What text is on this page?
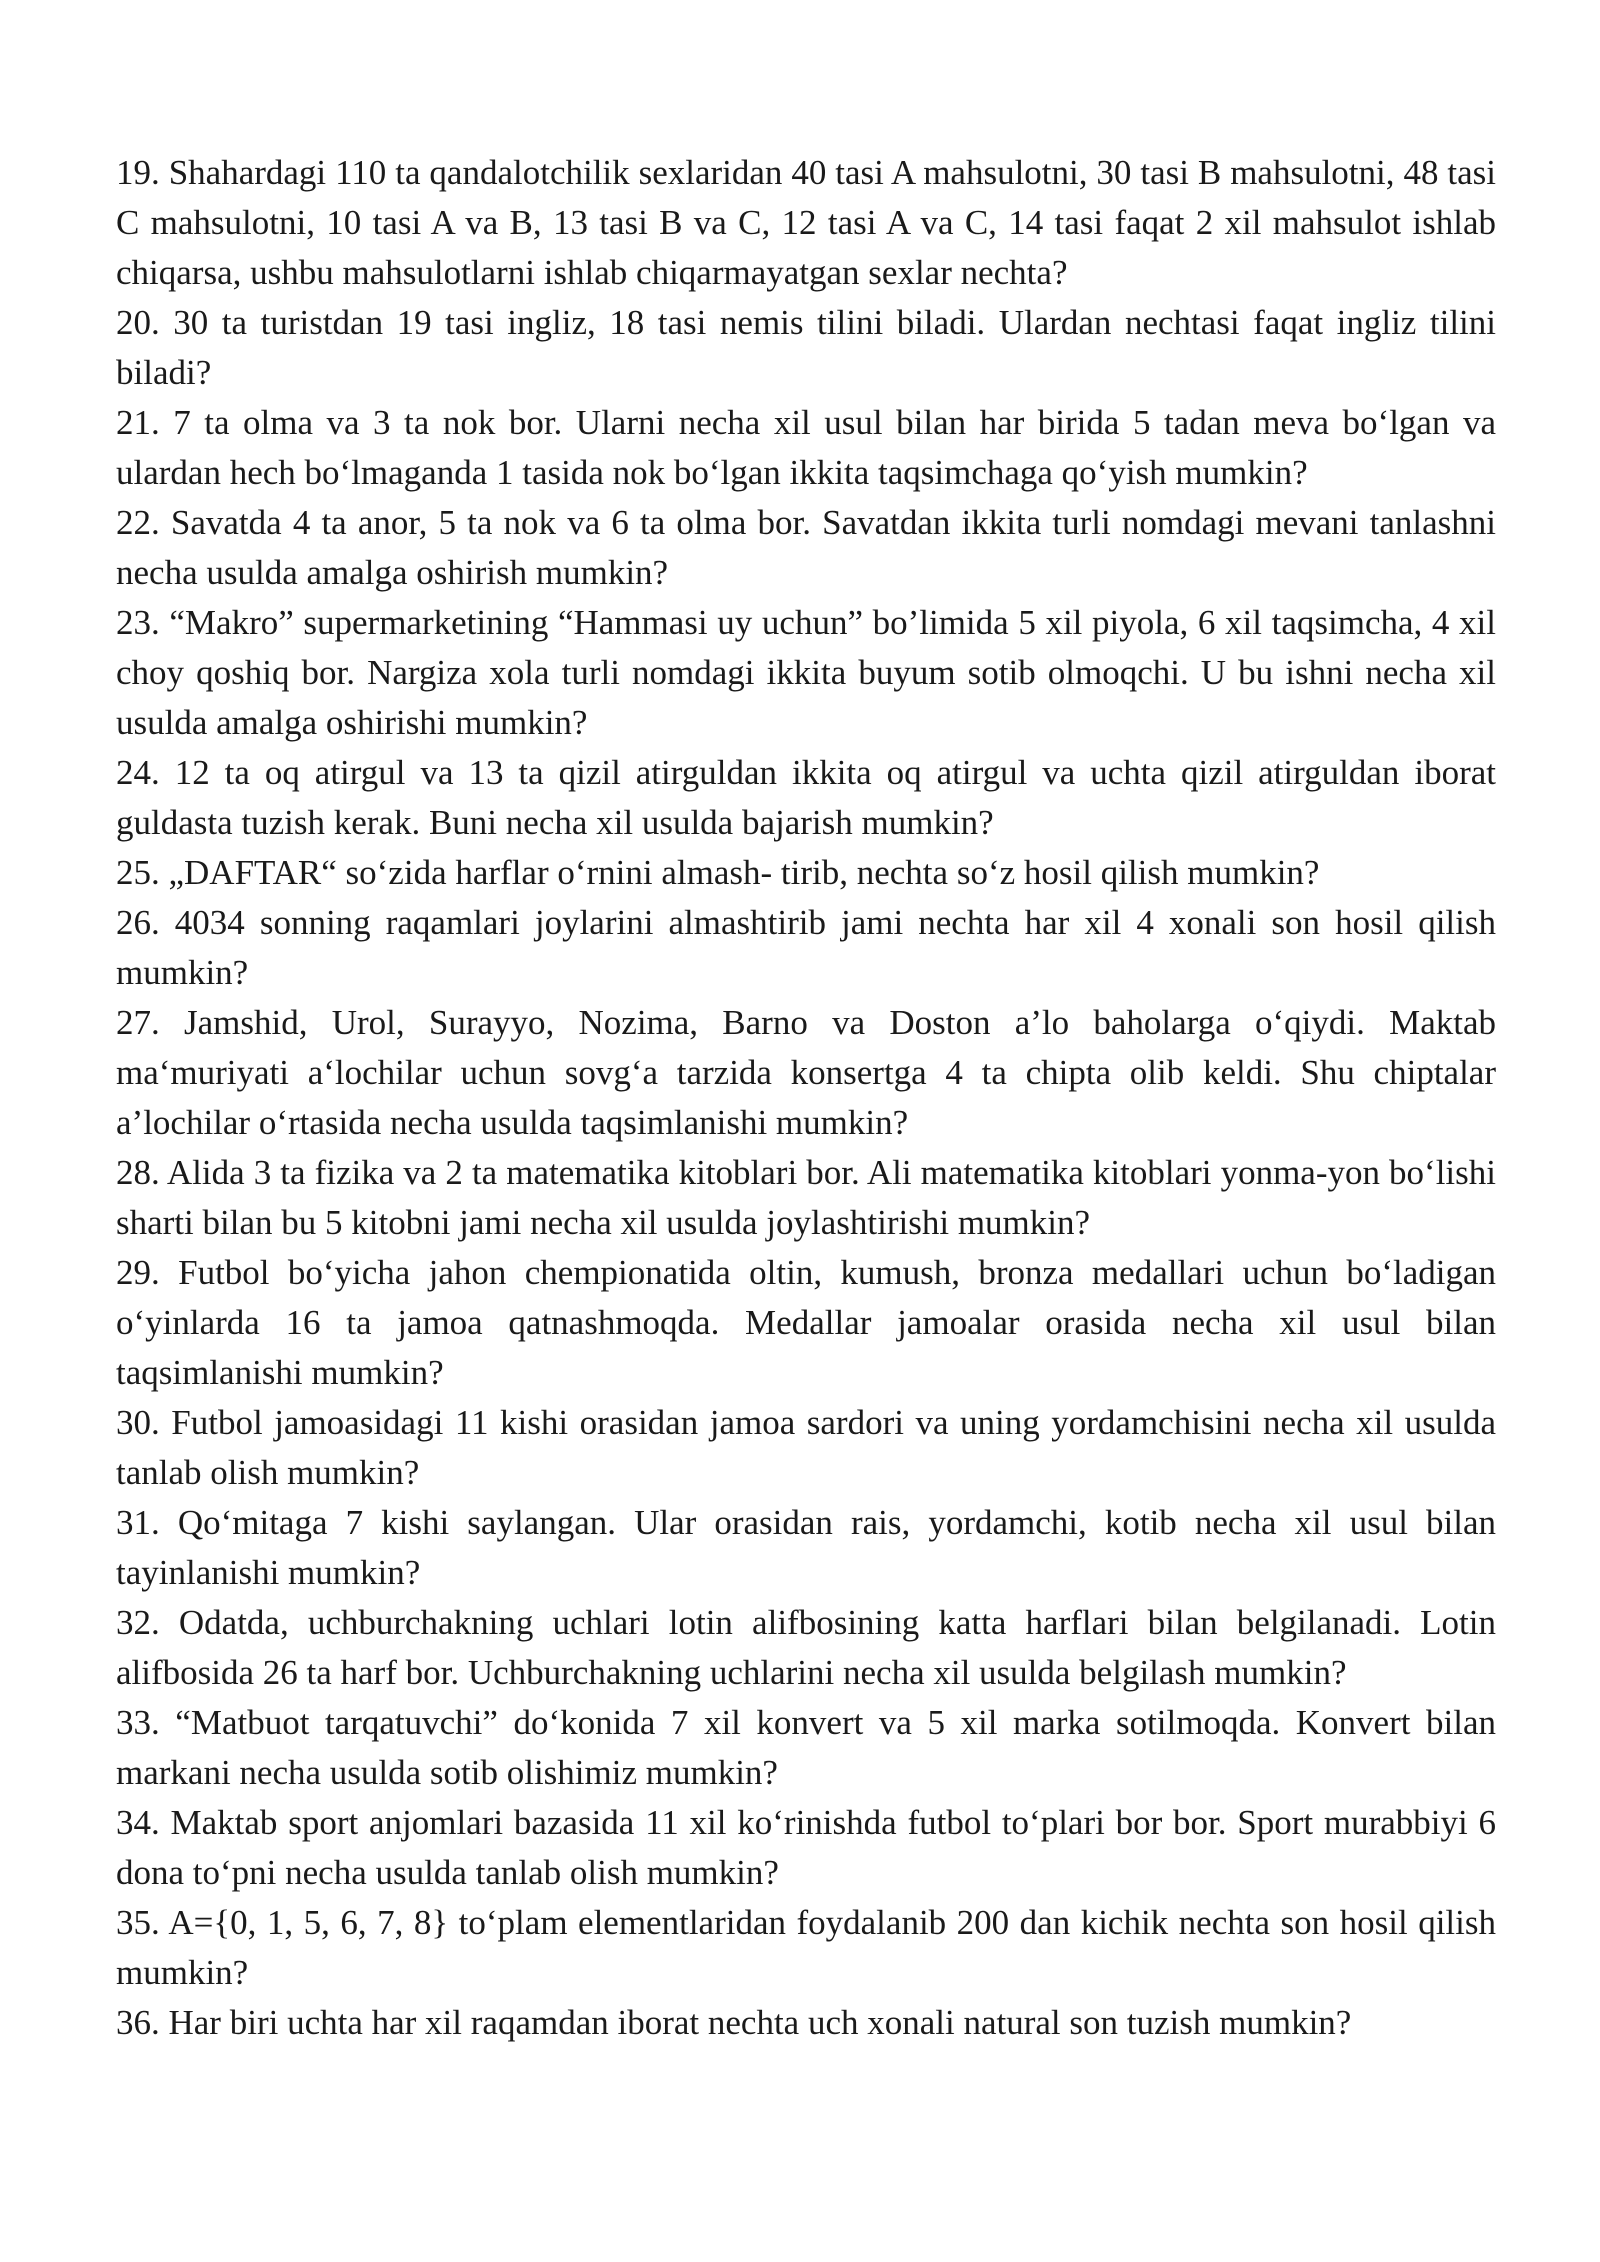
19. Shahardagi 110 ta qandalotchilik sexlaridan 40 tasi A mahsulotni, 30 tasi B mahsulotni, 48 tasi C mahsulotni, 10 tasi A va B, 13 tasi B va C, 12 tasi A va C, 14 tasi faqat 2 xil mahsulot ishlab chiqarsa, ushbu mahsulotlarni ishlab chiqarmayatgan sexlar nechta?

20. 30 ta turistdan 19 tasi ingliz, 18 tasi nemis tilini biladi. Ulardan nechtasi faqat ingliz tilini biladi?

21. 7 ta olma va 3 ta nok bor. Ularni necha xil usul bilan har birida 5 tadan meva bo‘lgan va ulardan hech bo‘lmaganda 1 tasida nok bo‘lgan ikkita taqsimchaga qo‘yish mumkin?

22. Savatda 4 ta anor, 5 ta nok va 6 ta olma bor. Savatdan ikkita turli nomdagi mevani tanlashni necha usulda amalga oshirish mumkin?

23. “Makro” supermarketining “Hammasi uy uchun” bo’limida 5 xil piyola, 6 xil taqsimcha, 4 xil choy qoshiq bor. Nargiza xola turli nomdagi ikkita buyum sotib olmoqchi. U bu ishni necha xil usulda amalga oshirishi mumkin?

24. 12 ta oq atirgul va 13 ta qizil atirguldan ikkita oq atirgul va uchta qizil atirguldan iborat guldasta tuzish kerak. Buni necha xil usulda bajarish mumkin?

25. „DAFTAR“ so‘zida harflar o‘rnini almash- tirib, nechta so‘z hosil qilish mumkin?

26. 4034 sonning raqamlari joylarini almashtirib jami nechta har xil 4 xonali son hosil qilish mumkin?

27. Jamshid, Urol, Surayyo, Nozima, Barno va Doston a’lo baholarga o‘qiydi. Maktab ma‘muriyati a‘lochilar uchun sovg‘a tarzida konsertga 4 ta chipta olib keldi. Shu chiptalar a’lochilar o‘rtasida necha usulda taqsimlanishi mumkin?

28. Alida 3 ta fizika va 2 ta matematika kitoblari bor. Ali matematika kitoblari yonma-yon bo‘lishi sharti bilan bu 5 kitobni jami necha xil usulda joylashtirishi mumkin?

29. Futbol bo‘yicha jahon chempionatida oltin, kumush, bronza medallari uchun bo‘ladigan o‘yinlarda 16 ta jamoa qatnashmoqda. Medallar jamoalar orasida necha xil usul bilan taqsimlanishi mumkin?

30. Futbol jamoasidagi 11 kishi orasidan jamoa sardori va uning yordamchisini necha xil usulda tanlab olish mumkin?

31. Qo‘mitaga 7 kishi saylangan. Ular orasidan rais, yordamchi, kotib necha xil usul bilan tayinlanishi mumkin?

32. Odatda, uchburchakning uchlari lotin alifbosining katta harflari bilan belgilanadi. Lotin alifbosida 26 ta harf bor. Uchburchakning uchlarini necha xil usulda belgilash mumkin?

33. “Matbuot tarqatuvchi” do‘konida 7 xil konvert va 5 xil marka sotilmoqda. Konvert bilan markani necha usulda sotib olishimiz mumkin?

34. Maktab sport anjomlari bazasida 11 xil ko‘rinishda futbol to‘plari bor bor. Sport murabbiyi 6 dona to‘pni necha usulda tanlab olish mumkin?

35. A={0, 1, 5, 6, 7, 8} to‘plam elementlaridan foydalanib 200 dan kichik nechta son hosil qilish mumkin?

36. Har biri uchta har xil raqamdan iborat nechta uch xonali natural son tuzish mumkin?
